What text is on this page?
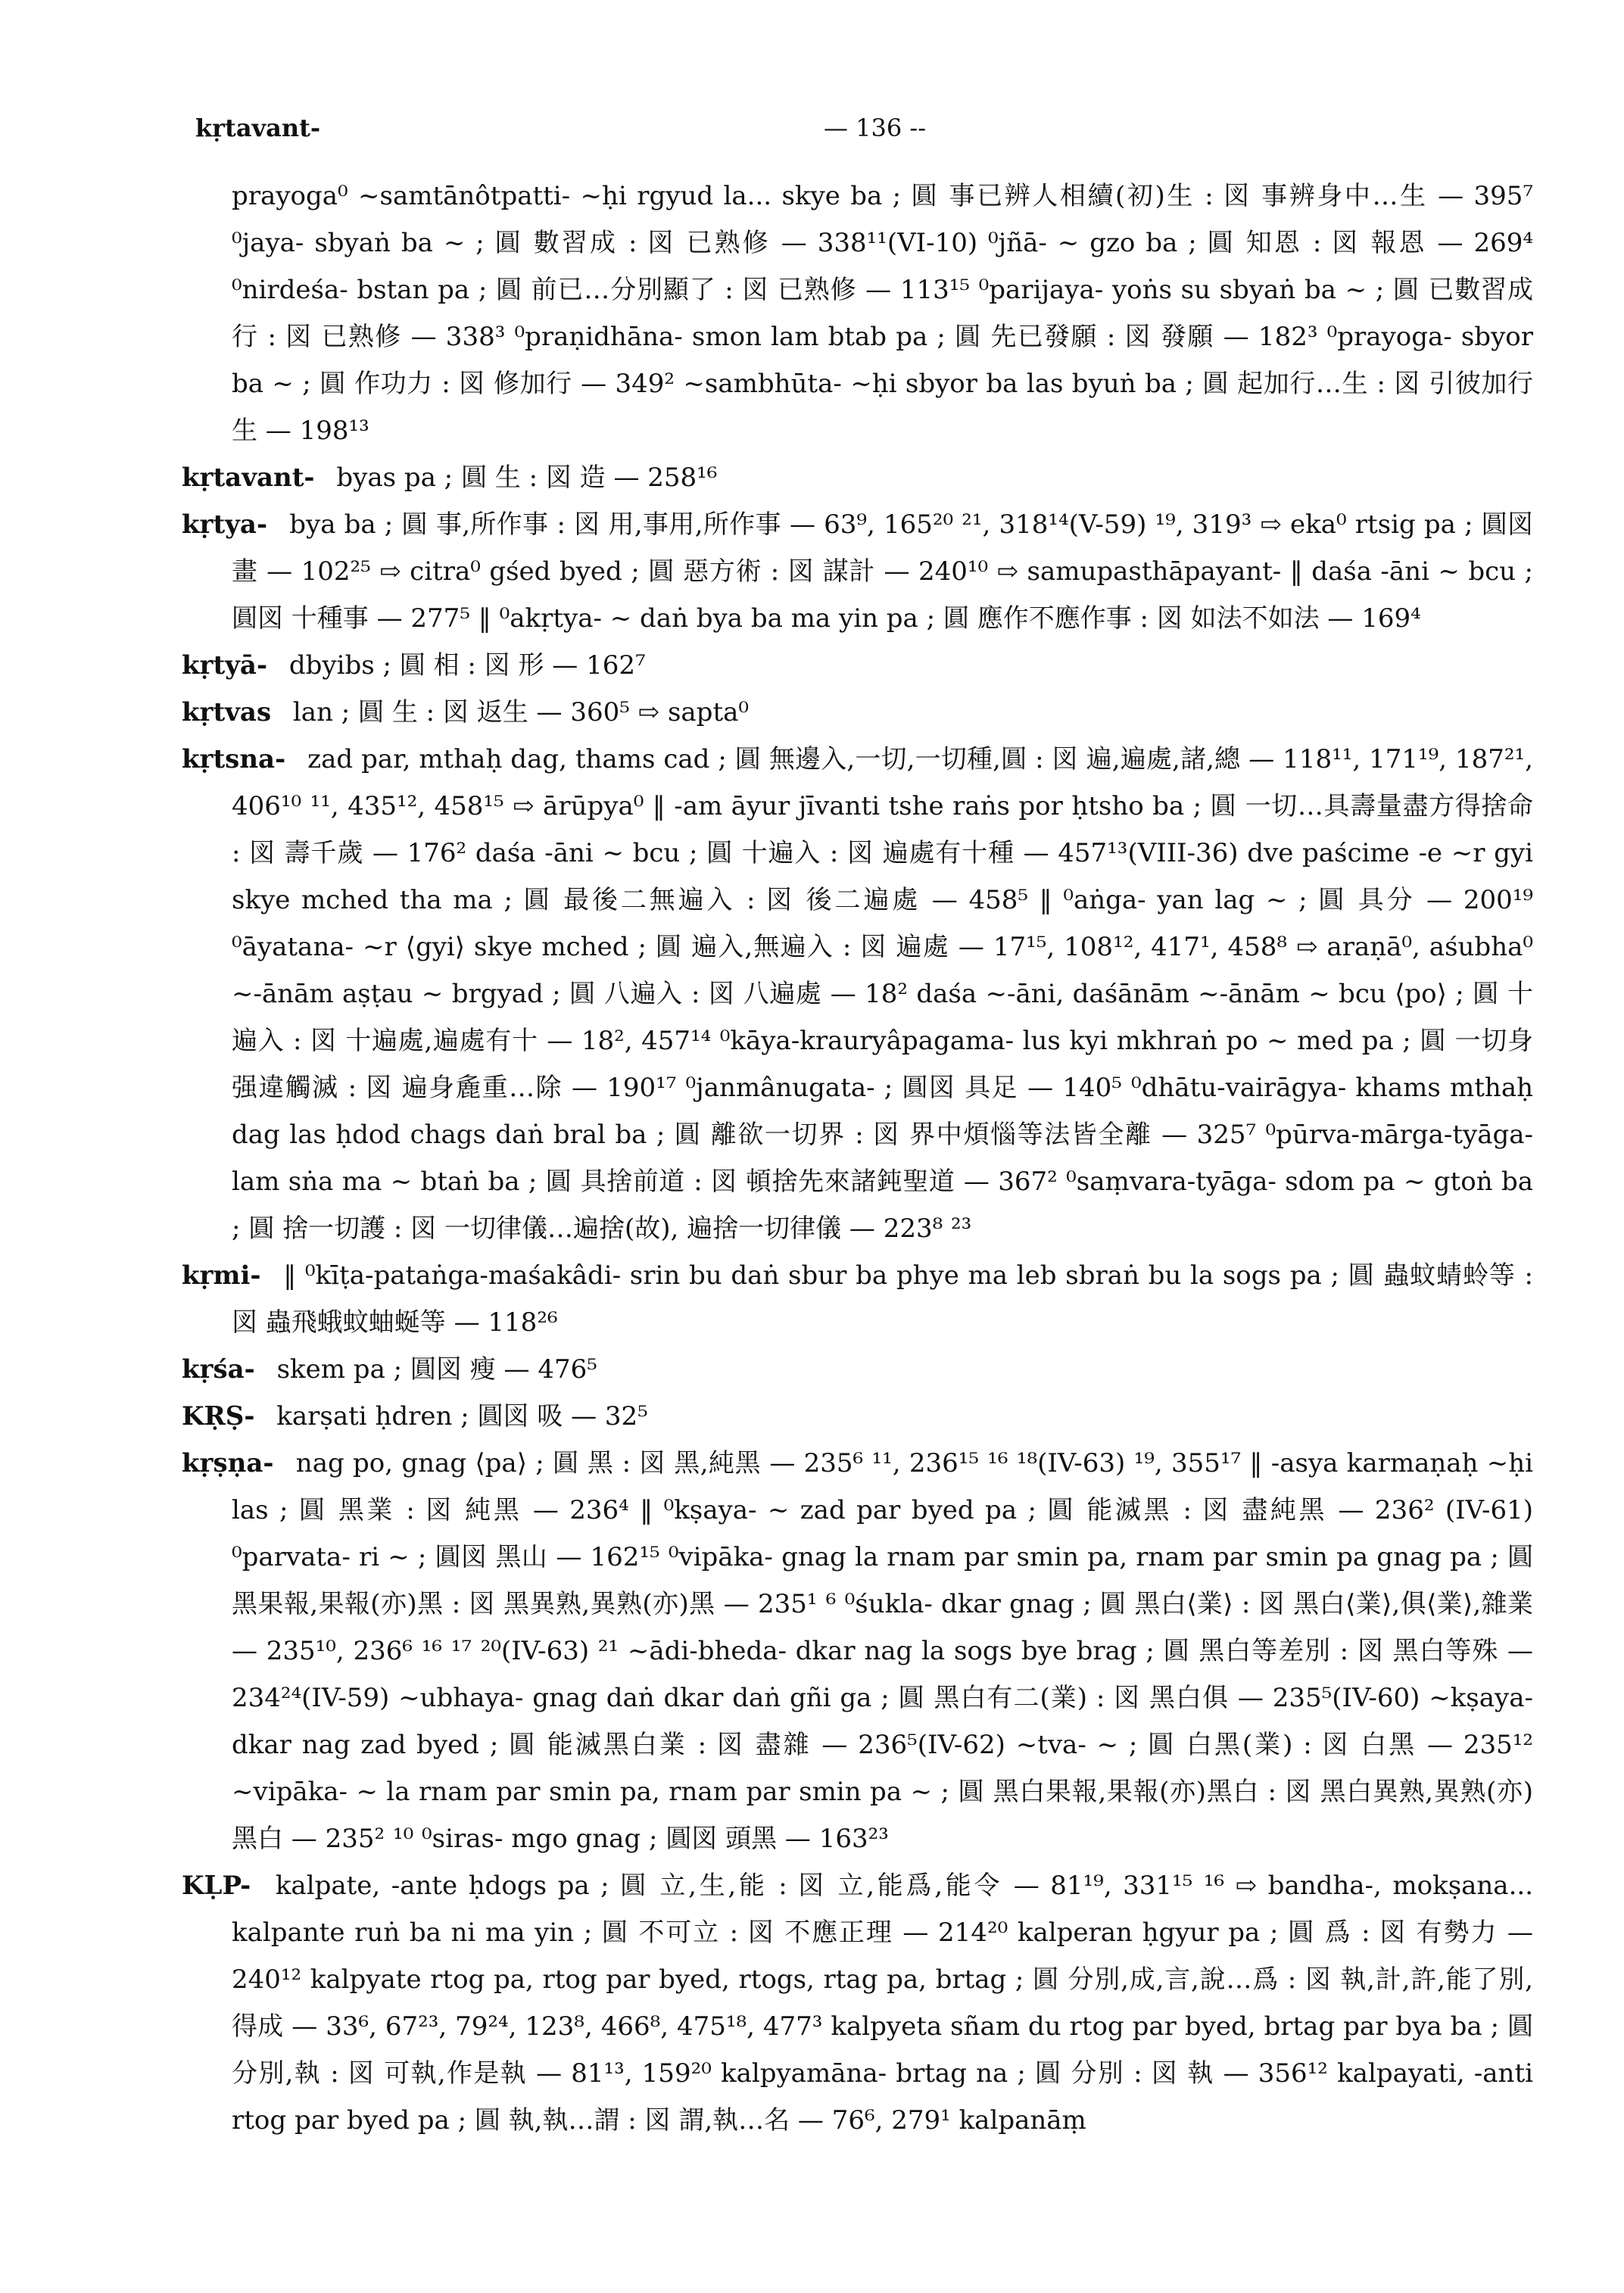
kṛtavant-	— 136 --

prayoga⁰ ~samtānôtpatti- ~ḥi rgyud la... skye ba ; 圓 事已辨人相續(初)生 : 図 事辨身中…生 — 395⁷ ⁰jaya- sbyaṅ ba ~ ; 圓 數習成 : 図 已熟修 — 338¹¹(VI-10) ⁰jñā- ~ gzo ba ; 圓 知恩 : 図 報恩 — 269⁴ ⁰nirdeśa- bstan pa ; 圓 前已…分別顯了 : 図 已熟修 — 113¹⁵ ⁰parijaya- yoṅs su sbyaṅ ba ~ ; 圓 已數習成行 : 図 已熟修 — 338³ ⁰praṇidhāna- smon lam btab pa ; 圓 先已發願 : 図 發願 — 182³ ⁰prayoga- sbyor ba ~ ; 圓 作功力 : 図 修加行 — 349² ~sambhūta- ~ḥi sbyor ba las byuṅ ba ; 圓 起加行…生 : 図 引彼加行生 — 198¹³

kṛtavant- byas pa ; 圓 生 : 図 造 — 258¹⁶

kṛtya- bya ba ; 圓 事,所作事 : 図 用,事用,所作事 — 63⁹, 165²⁰ ²¹, 318¹⁴(V-59) ¹⁹, 319³ ⇨ eka⁰ rtsig pa ; 圓図 畫 — 102²⁵ ⇨ citra⁰ gśed byed ; 圓 惡方術 : 図 謀計 — 240¹⁰ ⇨ samupasthāpayant- ‖ daśa -āni ~ bcu ; 圓図 十種事 — 277⁵ ‖ ⁰akṛtya- ~ daṅ bya ba ma yin pa ; 圓 應作不應作事 : 図 如法不如法 — 169⁴

kṛtyā- dbyibs ; 圓 相 : 図 形 — 162⁷

kṛtvas lan ; 圓 生 : 図 返生 — 360⁵ ⇨ sapta⁰

kṛtsna- zad par, mthaḥ dag, thams cad ; 圓 無邊入,一切,一切種,圓 : 図 遍,遍處,諸,總 — 118¹¹, 171¹⁹, 187²¹, 406¹⁰ ¹¹, 435¹², 458¹⁵ ⇨ ārūpya⁰ ‖ -am āyur jīvanti tshe raṅs por ḥtsho ba ; 圓 一切…具壽量盡方得捨命 : 図 壽千歲 — 176² daśa -āni ~ bcu ; 圓 十遍入 : 図 遍處有十種 — 457¹³(VIII-36) dve paścime -e ~r gyi skye mched tha ma ; 圓 最後二無遍入 : 図 後二遍處 — 458⁵ ‖ ⁰aṅga- yan lag ~ ; 圓 具分 — 200¹⁹ ⁰āyatana- ~r ⟨gyi⟩ skye mched ; 圓 遍入,無遍入 : 図 遍處 — 17¹⁵, 108¹², 417¹, 458⁸ ⇨ araṇā⁰, aśubha⁰ ~-ānām aṣṭau ~ brgyad ; 圓 八遍入 : 図 八遍處 — 18² daśa ~-āni, daśānām ~-ānām ~ bcu ⟨po⟩ ; 圓 十遍入 : 図 十遍處,遍處有十 — 18², 457¹⁴ ⁰kāya-krauryâpagama- lus kyi mkhraṅ po ~ med pa ; 圓 一切身强違觸滅 : 図 遍身麁重…除 — 190¹⁷ ⁰janmânugata- ; 圓図 具足 — 140⁵ ⁰dhātu-vairāgya- khams mthaḥ dag las ḥdod chags daṅ bral ba ; 圓 離欲一切界 : 図 界中煩惱等法皆全離 — 325⁷ ⁰pūrva-mārga-tyāga- lam sṅa ma ~ btaṅ ba ; 圓 具捨前道 : 図 頓捨先來諸鈍聖道 — 367² ⁰saṃvara-tyāga- sdom pa ~ gtoṅ ba ; 圓 捨一切護 : 図 一切律儀…遍捨(故), 遍捨一切律儀 — 223⁸ ²³

kṛmi- ‖ ⁰kīṭa-pataṅga-maśakâdi- srin bu daṅ sbur ba phye ma leb sbraṅ bu la sogs pa ; 圓 蟲蚊蜻蛉等 : 図 蟲飛蛾蚊蚰蜒等 — 118²⁶

kṛśa- skem pa ; 圓図 瘦 — 476⁵

KṚṢ- karṣati ḥdren ; 圓図 吸 — 32⁵

kṛṣṇa- nag po, gnag ⟨pa⟩ ; 圓 黑 : 図 黑,純黑 — 235⁶ ¹¹, 236¹⁵ ¹⁶ ¹⁸(IV-63) ¹⁹, 355¹⁷ ‖ -asya karmaṇaḥ ~ḥi las ; 圓 黑業 : 図 純黑 — 236⁴ ‖ ⁰kṣaya- ~ zad par byed pa ; 圓 能滅黑 : 図 盡純黑 — 236² (IV-61) ⁰parvata- ri ~ ; 圓図 黑山 — 162¹⁵ ⁰vipāka- gnag la rnam par smin pa, rnam par smin pa gnag pa ; 圓 黑果報,果報(亦)黑 : 図 黑異熟,異熟(亦)黑 — 235¹ ⁶ ⁰śukla- dkar gnag ; 圓 黑白⟨業⟩ : 図 黑白⟨業⟩,俱⟨業⟩,雜業 — 235¹⁰, 236⁶ ¹⁶ ¹⁷ ²⁰(IV-63) ²¹ ~ādi-bheda- dkar nag la sogs bye brag ; 圓 黑白等差別 : 図 黑白等殊 — 234²⁴(IV-59) ~ubhaya- gnag daṅ dkar daṅ gñi ga ; 圓 黑白有二(業) : 図 黑白俱 — 235⁵(IV-60) ~kṣaya- dkar nag zad byed ; 圓 能滅黑白業 : 図 盡雜 — 236⁵(IV-62) ~tva- ~ ; 圓 白黑(業) : 図 白黑 — 235¹² ~vipāka- ~ la rnam par smin pa, rnam par smin pa ~ ; 圓 黑白果報,果報(亦)黑白 : 図 黑白異熟,異熟(亦)黑白 — 235² ¹⁰ ⁰siras- mgo gnag ; 圓図 頭黑 — 163²³

KḶP- kalpate, -ante ḥdogs pa ; 圓 立,生,能 : 図 立,能爲,能令 — 81¹⁹, 331¹⁵ ¹⁶ ⇨ bandha-, mokṣana... kalpante ruṅ ba ni ma yin ; 圓 不可立 : 図 不應正理 — 214²⁰ kalperan ḥgyur pa ; 圓 爲 : 図 有勢力 — 240¹² kalpyate rtog pa, rtog par byed, rtogs, rtag pa, brtag ; 圓 分別,成,言,說…爲 : 図 執,計,許,能了別,得成 — 33⁶, 67²³, 79²⁴, 123⁸, 466⁸, 475¹⁸, 477³ kalpyeta sñam du rtog par byed, brtag par bya ba ; 圓 分別,執 : 図 可執,作是執 — 81¹³, 159²⁰ kalpyamāna- brtag na ; 圓 分別 : 図 執 — 356¹² kalpayati, -anti rtog par byed pa ; 圓 執,執…謂 : 図 謂,執…名 — 76⁶, 279¹ kalpanāṃ
